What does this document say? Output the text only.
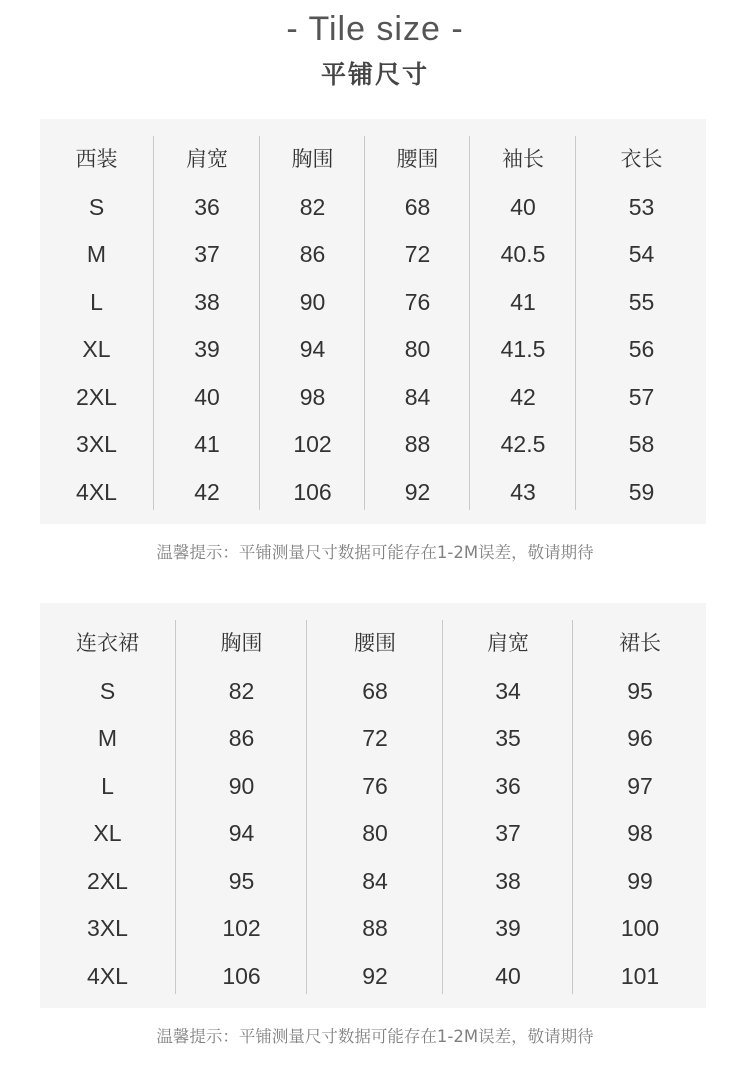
- Tile size -
平铺尺寸
西装
S
M
L
XL
2XL
3XL
4XL
肩宽
36
37
38
39
40
41
42
胸围
82
86
90
94
98
102
106
腰围
68
72
76
80
84
88
92
袖长
40
40.5
41
41.5
42
42.5
43
衣长
53
54
55
56
57
58
59
温馨提示：平铺测量尺寸数据可能存在1-2M误差，敬请期待
连衣裙
S
M
L
XL
2XL
3XL
4XL
胸围
82
86
90
94
95
102
106
腰围
68
72
76
80
84
88
92
肩宽
34
35
36
37
38
39
40
裙长
95
96
97
98
99
100
101
温馨提示：平铺测量尺寸数据可能存在1-2M误差，敬请期待
